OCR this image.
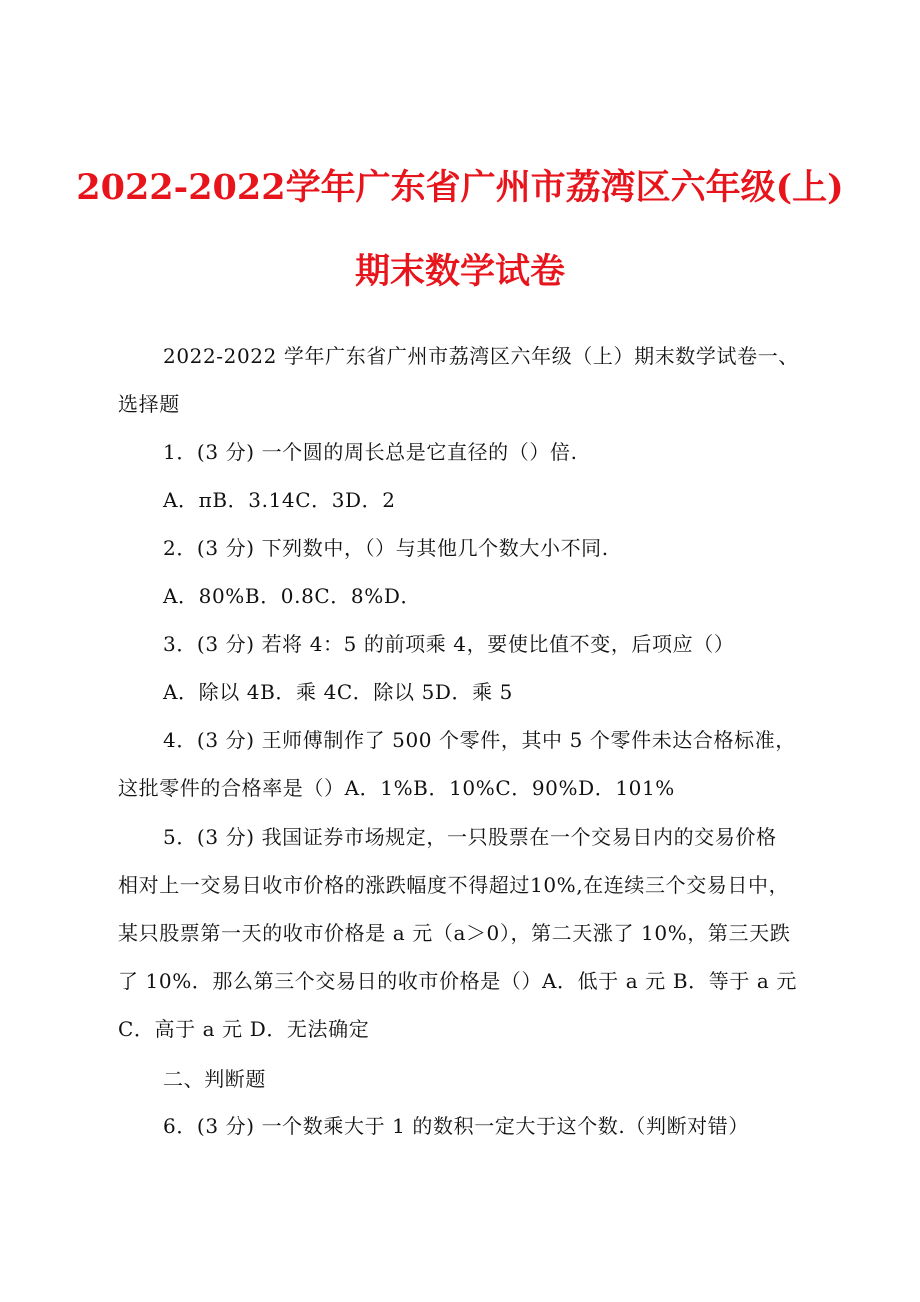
2022-2022学年广东省广州市荔湾区六年级(上)
期末数学试卷
2022-2022 学年广东省广州市荔湾区六年级（上）期末数学试卷一、
选择题
1．(3 分) 一个圆的周长总是它直径的（）倍.
A．πB．3.14C．3D．2
2．(3 分) 下列数中，（）与其他几个数大小不同.
A．80%B．0.8C．8%D．
3．(3 分) 若将 4：5 的前项乘 4，要使比值不变，后项应（）
A．除以 4B．乘 4C．除以 5D．乘 5
4．(3 分) 王师傅制作了 500 个零件，其中 5 个零件未达合格标准，
这批零件的合格率是（）A．1%B．10%C．90%D．101%
5．(3 分) 我国证券市场规定，一只股票在一个交易日内的交易价格
相对上一交易日收市价格的涨跌幅度不得超过10%,在连续三个交易日中，
某只股票第一天的收市价格是 a 元（a＞0），第二天涨了 10%，第三天跌
了 10%．那么第三个交易日的收市价格是（）A．低于 a 元 B．等于 a 元
C．高于 a 元 D．无法确定
二、判断题
6．(3 分) 一个数乘大于 1 的数积一定大于这个数.（判断对错）
